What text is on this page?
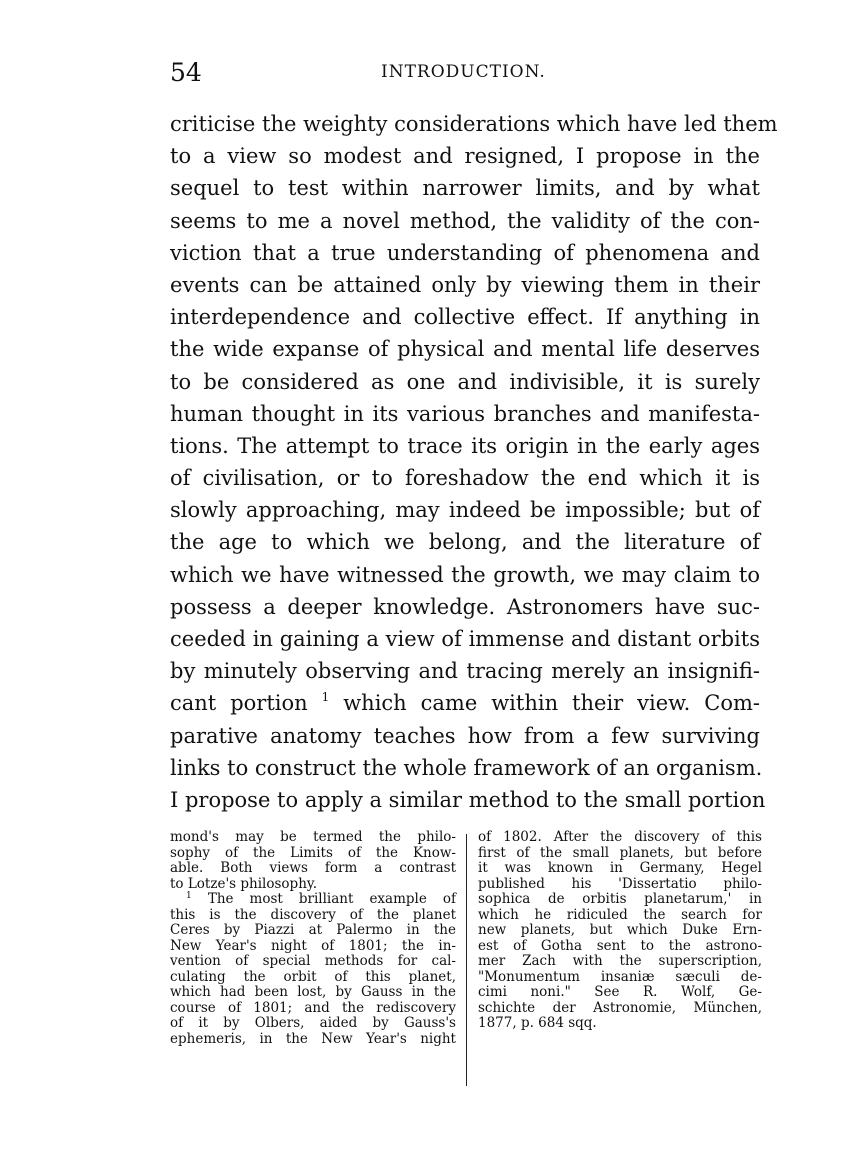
54	INTRODUCTION.
criticise the weighty considerations which have led them
to a view so modest and resigned, I propose in the
sequel to test within narrower limits, and by what
seems to me a novel method, the validity of the con-
viction that a true understanding of phenomena and
events can be attained only by viewing them in their
interdependence and collective effect. If anything in
the wide expanse of physical and mental life deserves
to be considered as one and indivisible, it is surely
human thought in its various branches and manifesta-
tions. The attempt to trace its origin in the early ages
of civilisation, or to foreshadow the end which it is
slowly approaching, may indeed be impossible; but of
the age to which we belong, and the literature of
which we have witnessed the growth, we may claim to
possess a deeper knowledge. Astronomers have suc-
ceeded in gaining a view of immense and distant orbits
by minutely observing and tracing merely an insignifi-
cant portion $^1$ which came within their view. Com-
parative anatomy teaches how from a few surviving
links to construct the whole framework of an organism.
I propose to apply a similar method to the small portion
mond's may be termed the philo-
sophy of the Limits of the Know-
able. Both views form a contrast
to Lotze's philosophy.
$^1$ The most brilliant example of
this is the discovery of the planet
Ceres by Piazzi at Palermo in the
New Year's night of 1801; the in-
vention of special methods for cal-
culating the orbit of this planet,
which had been lost, by Gauss in the
course of 1801; and the rediscovery
of it by Olbers, aided by Gauss's
ephemeris, in the New Year's night
of 1802. After the discovery of this
first of the small planets, but before
it was known in Germany, Hegel
published his 'Dissertatio philo-
sophica de orbitis planetarum,' in
which he ridiculed the search for
new planets, but which Duke Ern-
est of Gotha sent to the astrono-
mer Zach with the superscription,
"Monumentum insaniæ sæculi de-
cimi noni." See R. Wolf, Ge-
schichte der Astronomie, München,
1877, p. 684 sqq.
